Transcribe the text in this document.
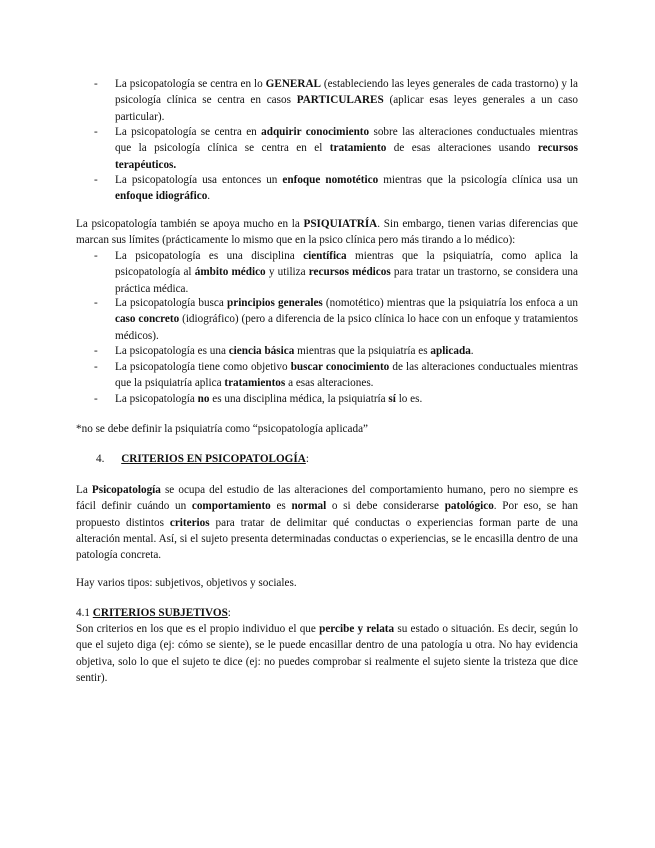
- La psicopatología se centra en lo GENERAL (estableciendo las leyes generales de cada trastorno) y la psicología clínica se centra en casos PARTICULARES (aplicar esas leyes generales a un caso particular).
- La psicopatología se centra en adquirir conocimiento sobre las alteraciones conductuales mientras que la psicología clínica se centra en el tratamiento de esas alteraciones usando recursos terapéuticos.
- La psicopatología usa entonces un enfoque nomotético mientras que la psicología clínica usa un enfoque idiográfico.
La psicopatología también se apoya mucho en la PSIQUIATRÍA. Sin embargo, tienen varias diferencias que marcan sus límites (prácticamente lo mismo que en la psico clínica pero más tirando a lo médico):
- La psicopatología es una disciplina científica mientras que la psiquiatría, como aplica la psicopatología al ámbito médico y utiliza recursos médicos para tratar un trastorno, se considera una práctica médica.
- La psicopatología busca principios generales (nomotético) mientras que la psiquiatría los enfoca a un caso concreto (idiográfico) (pero a diferencia de la psico clínica lo hace con un enfoque y tratamientos médicos).
- La psicopatología es una ciencia básica mientras que la psiquiatría es aplicada.
- La psicopatología tiene como objetivo buscar conocimiento de las alteraciones conductuales mientras que la psiquiatría aplica tratamientos a esas alteraciones.
- La psicopatología no es una disciplina médica, la psiquiatría sí lo es.
*no se debe definir la psiquiatría como “psicopatología aplicada”
4. CRITERIOS EN PSICOPATOLOGÍA:
La Psicopatología se ocupa del estudio de las alteraciones del comportamiento humano, pero no siempre es fácil definir cuándo un comportamiento es normal o si debe considerarse patológico. Por eso, se han propuesto distintos criterios para tratar de delimitar qué conductas o experiencias forman parte de una alteración mental. Así, si el sujeto presenta determinadas conductas o experiencias, se le encasilla dentro de una patología concreta.
Hay varios tipos: subjetivos, objetivos y sociales.
4.1 CRITERIOS SUBJETIVOS:
Son criterios en los que es el propio individuo el que percibe y relata su estado o situación. Es decir, según lo que el sujeto diga (ej: cómo se siente), se le puede encasillar dentro de una patología u otra. No hay evidencia objetiva, solo lo que el sujeto te dice (ej: no puedes comprobar si realmente el sujeto siente la tristeza que dice sentir).
